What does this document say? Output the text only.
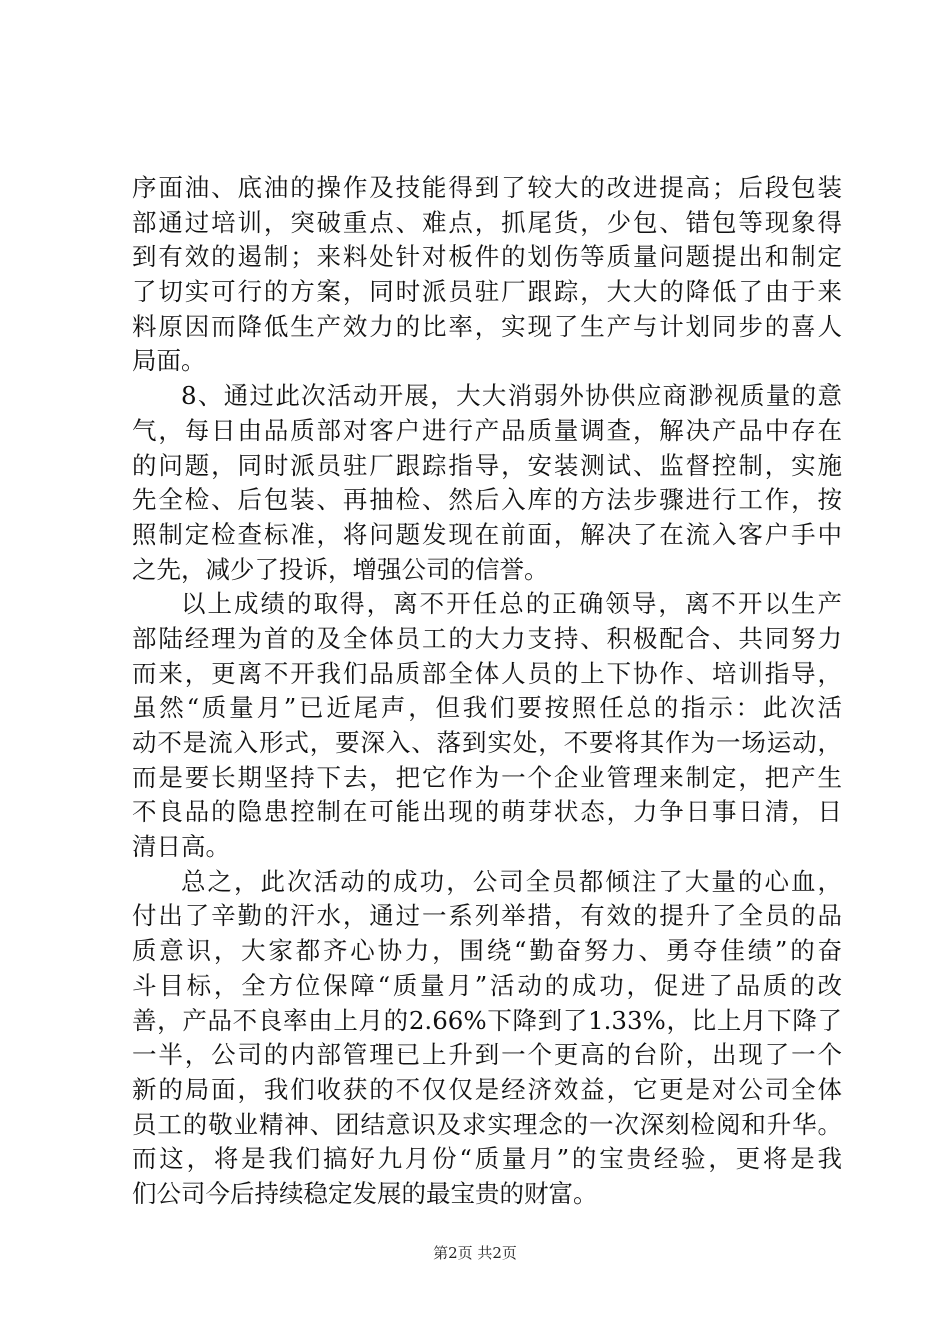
序面油、底油的操作及技能得到了较大的改进提高；后段包装
部通过培训，突破重点、难点，抓尾货，少包、错包等现象得
到有效的遏制；来料处针对板件的划伤等质量问题提出和制定
了切实可行的方案，同时派员驻厂跟踪，大大的降低了由于来
料原因而降低生产效力的比率，实现了生产与计划同步的喜人
局面。
8、通过此次活动开展，大大消弱外协供应商渺视质量的意
气，每日由品质部对客户进行产品质量调查，解决产品中存在
的问题，同时派员驻厂跟踪指导，安装测试、监督控制，实施
先全检、后包装、再抽检、然后入库的方法步骤进行工作，按
照制定检查标准，将问题发现在前面，解决了在流入客户手中
之先，减少了投诉，增强公司的信誉。
以上成绩的取得，离不开任总的正确领导，离不开以生产
部陆经理为首的及全体员工的大力支持、积极配合、共同努力
而来，更离不开我们品质部全体人员的上下协作、培训指导，
虽然“质量月”已近尾声，但我们要按照任总的指示：此次活
动不是流入形式，要深入、落到实处，不要将其作为一场运动，
而是要长期坚持下去，把它作为一个企业管理来制定，把产生
不良品的隐患控制在可能出现的萌芽状态，力争日事日清，日
清日高。
总之，此次活动的成功，公司全员都倾注了大量的心血，
付出了辛勤的汗水，通过一系列举措，有效的提升了全员的品
质意识，大家都齐心协力，围绕“勤奋努力、勇夺佳绩”的奋
斗目标，全方位保障“质量月”活动的成功，促进了品质的改
善，产品不良率由上月的2.66%下降到了1.33%，比上月下降了
一半，公司的内部管理已上升到一个更高的台阶，出现了一个
新的局面，我们收获的不仅仅是经济效益，它更是对公司全体
员工的敬业精神、团结意识及求实理念的一次深刻检阅和升华。
而这，将是我们搞好九月份“质量月”的宝贵经验，更将是我
们公司今后持续稳定发展的最宝贵的财富。
第2页 共2页
